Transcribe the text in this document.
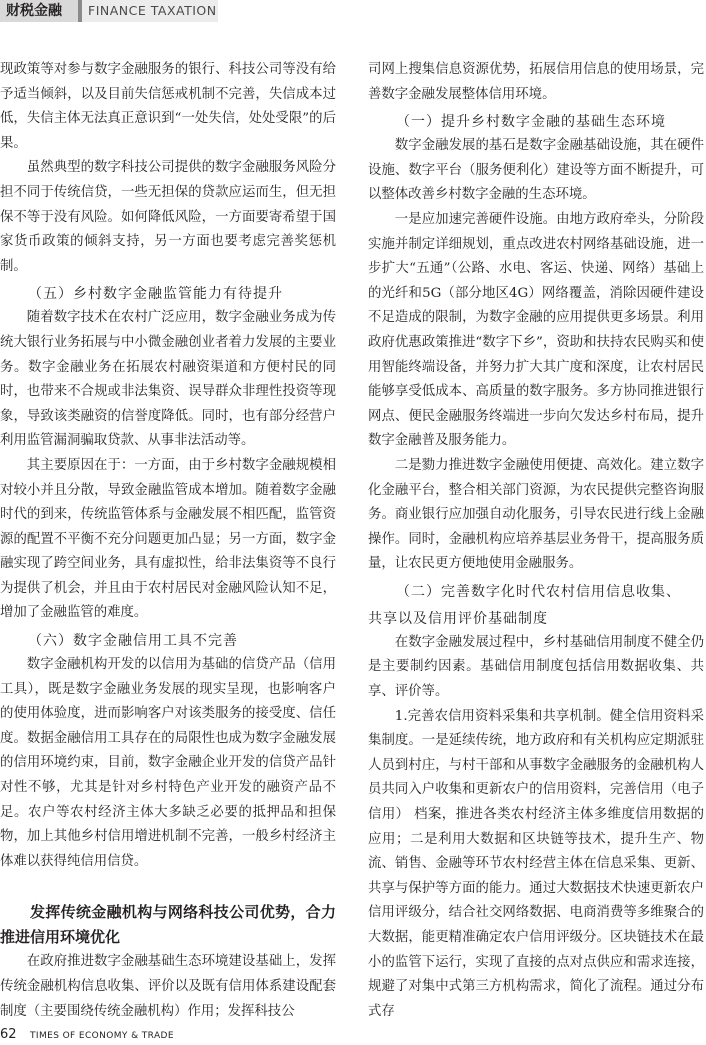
财税金融	FINANCE TAXATION

现政策等对参与数字金融服务的银行、科技公司等没有给予适当倾斜，以及目前失信惩戒机制不完善，失信成本过低，失信主体无法真正意识到“一处失信，处处受限”的后果。

虽然典型的数字科技公司提供的数字金融服务风险分担不同于传统信贷，一些无担保的贷款应运而生，但无担保不等于没有风险。如何降低风险，一方面要寄希望于国家货币政策的倾斜支持，另一方面也要考虑完善奖惩机制。

（五）乡村数字金融监管能力有待提升

随着数字技术在农村广泛应用，数字金融业务成为传统大银行业务拓展与中小微金融创业者着力发展的主要业务。数字金融业务在拓展农村融资渠道和方便村民的同时，也带来不合规或非法集资、误导群众非理性投资等现象，导致该类融资的信誉度降低。同时，也有部分经营户利用监管漏洞骗取贷款、从事非法活动等。

其主要原因在于：一方面，由于乡村数字金融规模相对较小并且分散，导致金融监管成本增加。随着数字金融时代的到来，传统监管体系与金融发展不相匹配，监管资源的配置不平衡不充分问题更加凸显；另一方面，数字金融实现了跨空间业务，具有虚拟性，给非法集资等不良行为提供了机会，并且由于农村居民对金融风险认知不足，增加了金融监管的难度。

（六）数字金融信用工具不完善

数字金融机构开发的以信用为基础的信贷产品（信用工具），既是数字金融业务发展的现实呈现，也影响客户的使用体验度，进而影响客户对该类服务的接受度、信任度。数据金融信用工具存在的局限性也成为数字金融发展的信用环境约束，目前，数字金融企业开发的信贷产品针对性不够，尤其是针对乡村特色产业开发的融资产品不足。农户等农村经济主体大多缺乏必要的抵押品和担保物，加上其他乡村信用增进机制不完善，一般乡村经济主体难以获得纯信用信贷。

发挥传统金融机构与网络科技公司优势，合力推进信用环境优化

在政府推进数字金融基础生态环境建设基础上，发挥传统金融机构信息收集、评价以及既有信用体系建设配套制度（主要围绕传统金融机构）作用；发挥科技公

司网上搜集信息资源优势，拓展信用信息的使用场景，完善数字金融发展整体信用环境。

（一）提升乡村数字金融的基础生态环境

数字金融发展的基石是数字金融基础设施，其在硬件设施、数字平台（服务便利化）建设等方面不断提升，可以整体改善乡村数字金融的生态环境。

一是应加速完善硬件设施。由地方政府牵头，分阶段实施并制定详细规划，重点改进农村网络基础设施，进一步扩大“五通”（公路、水电、客运、快递、网络）基础上的光纤和5G（部分地区4G）网络覆盖，消除因硬件建设不足造成的限制，为数字金融的应用提供更多场景。利用政府优惠政策推进“数字下乡”，资助和扶持农民购买和使用智能终端设备，并努力扩大其广度和深度，让农村居民能够享受低成本、高质量的数字服务。多方协同推进银行网点、便民金融服务终端进一步向欠发达乡村布局，提升数字金融普及服务能力。

二是勠力推进数字金融使用便捷、高效化。建立数字化金融平台，整合相关部门资源，为农民提供完整咨询服务。商业银行应加强自动化服务，引导农民进行线上金融操作。同时，金融机构应培养基层业务骨干，提高服务质量，让农民更方便地使用金融服务。

（二）完善数字化时代农村信用信息收集、
共享以及信用评价基础制度

在数字金融发展过程中，乡村基础信用制度不健全仍是主要制约因素。基础信用制度包括信用数据收集、共享、评价等。

1.完善农信用资料采集和共享机制。健全信用资料采集制度。一是延续传统，地方政府和有关机构应定期派驻人员到村庄，与村干部和从事数字金融服务的金融机构人员共同入户收集和更新农户的信用资料，完善信用（电子信用） 档案，推进各类农村经济主体多维度信用数据的应用；二是利用大数据和区块链等技术，提升生产、物流、销售、金融等环节农村经营主体在信息采集、更新、共享与保护等方面的能力。通过大数据技术快速更新农户信用评级分，结合社交网络数据、电商消费等多维聚合的大数据，能更精准确定农户信用评级分。区块链技术在最小的监管下运行，实现了直接的点对点供应和需求连接，规避了对集中式第三方机构需求，简化了流程。通过分布式存

62 TIMES OF ECONOMY & TRADE
